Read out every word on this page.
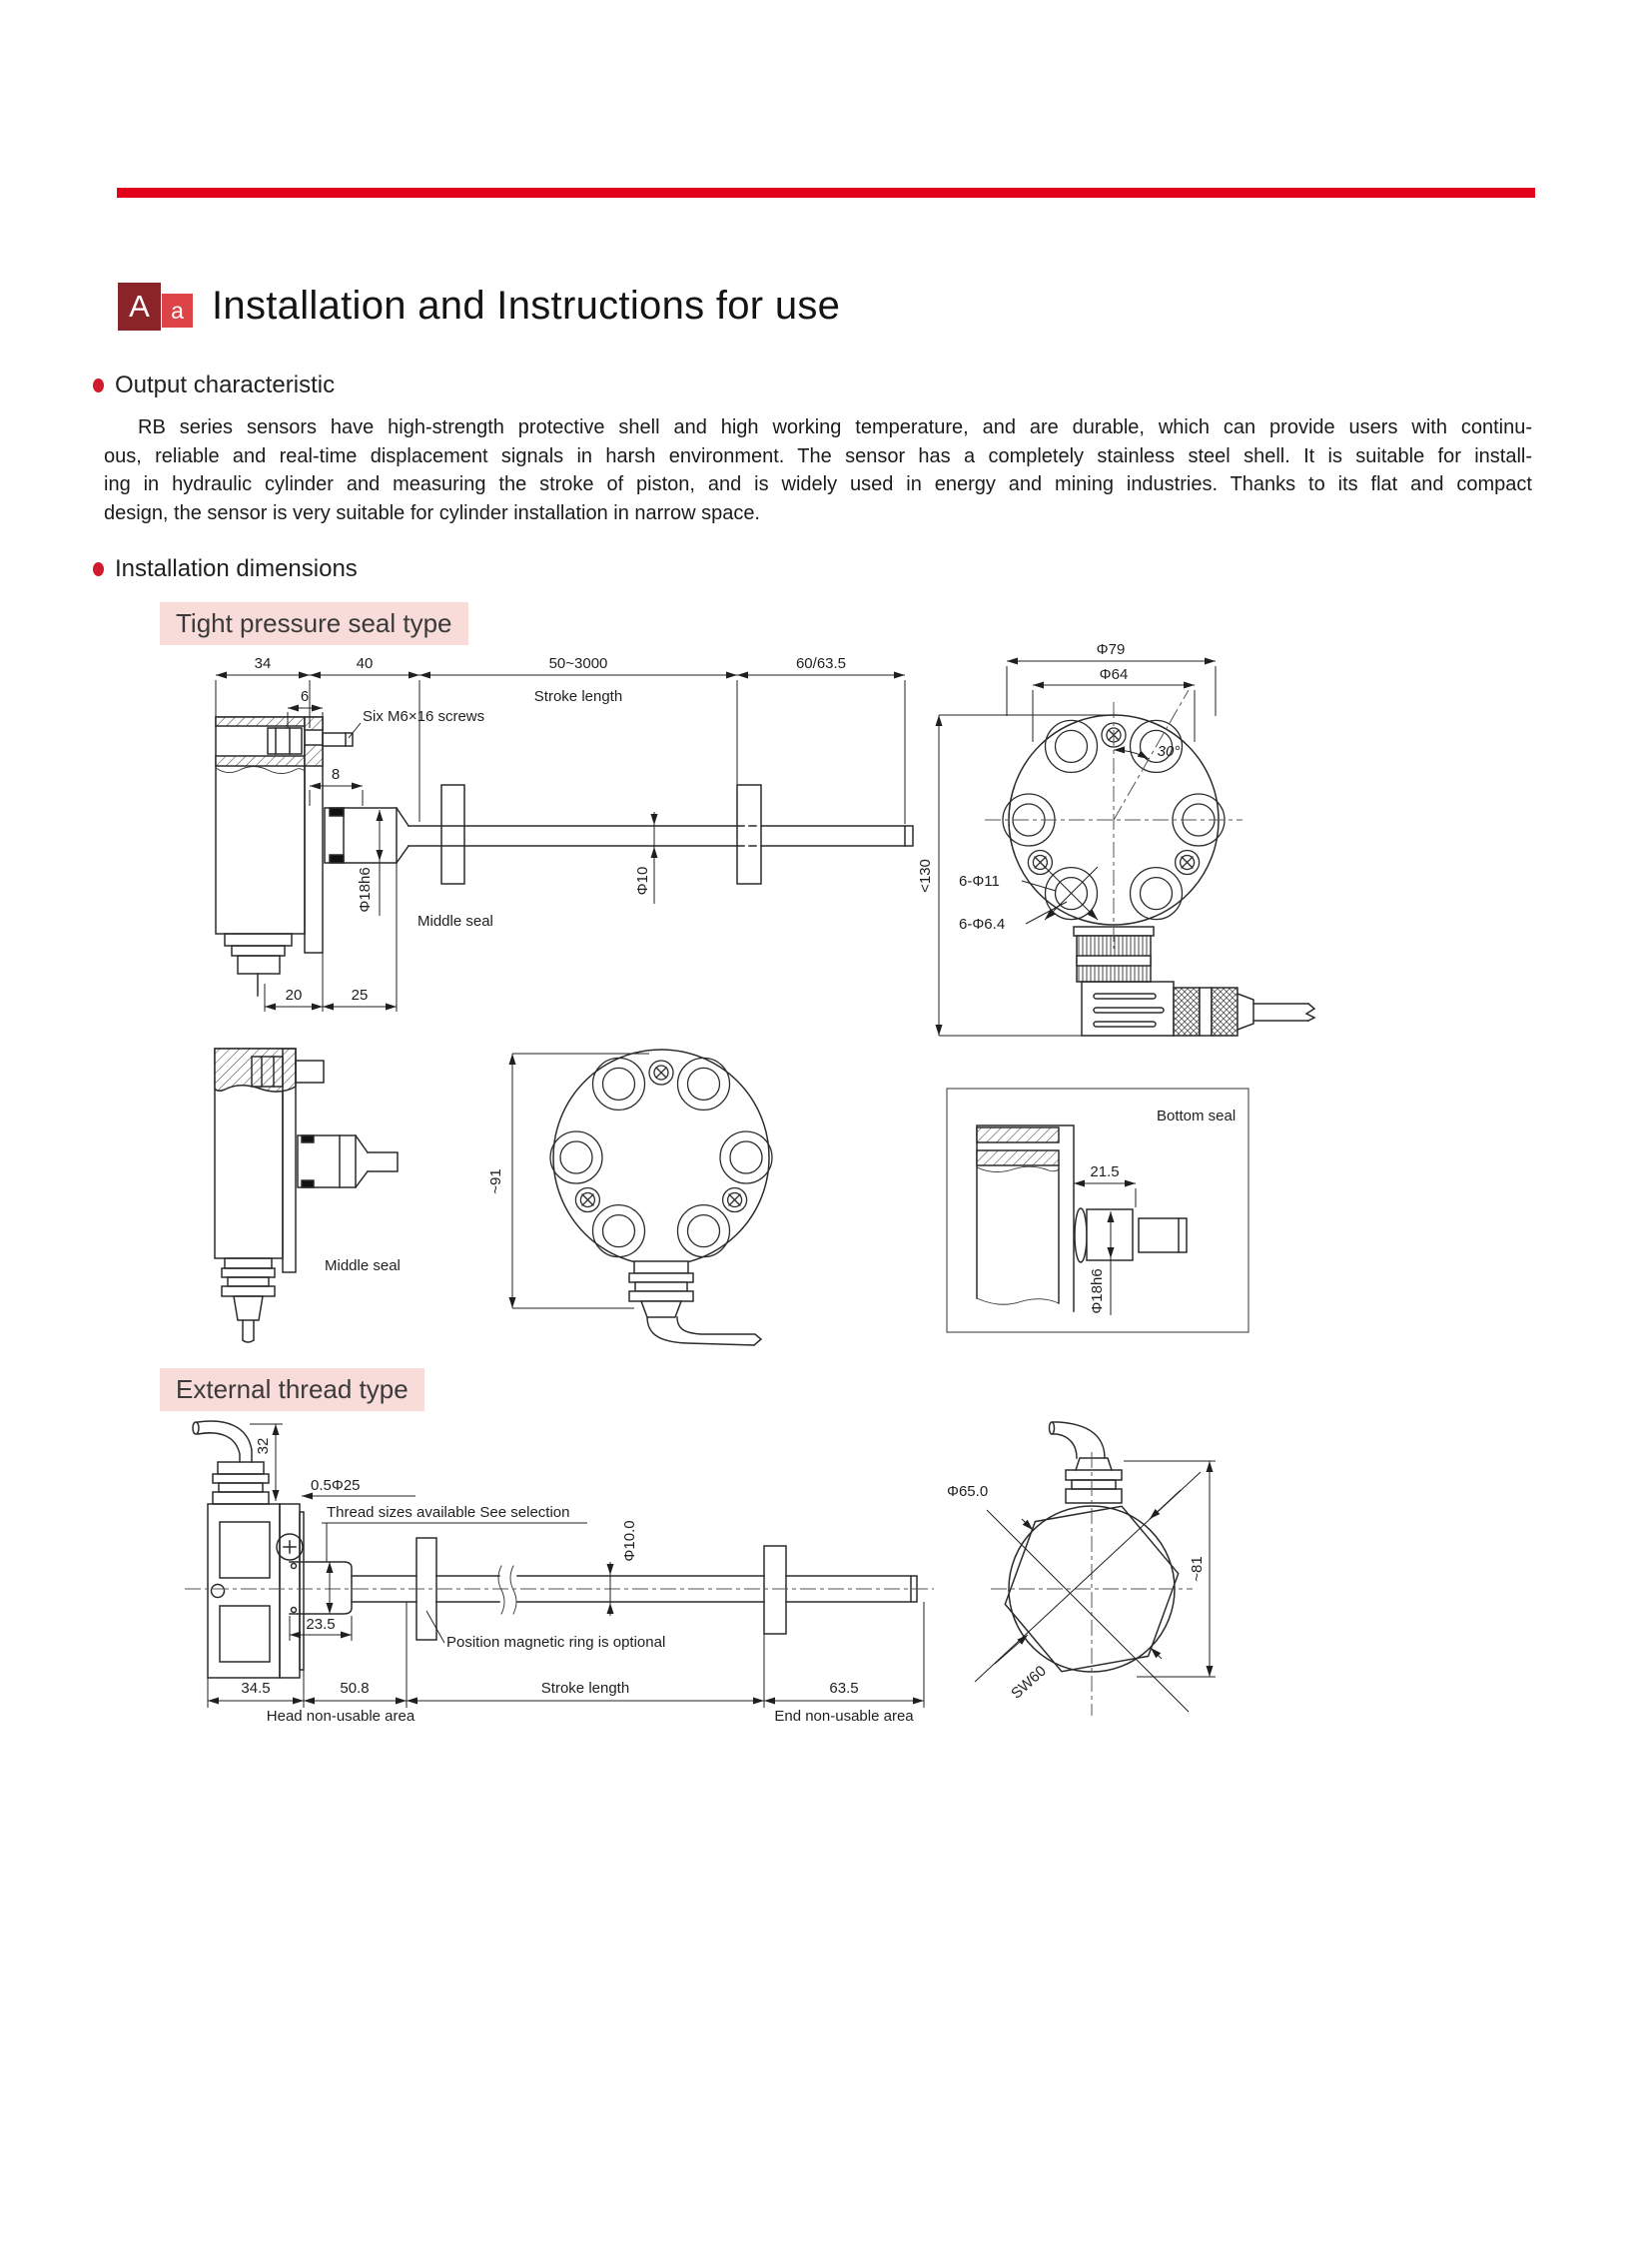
A a Installation and Instructions for use
Output characteristic
RB series sensors have high-strength protective shell and high working temperature, and are durable, which can provide users with continu-
ous, reliable and real-time displacement signals in harsh environment. The sensor has a completely stainless steel shell. It is suitable for install-
ing in hydraulic cylinder and measuring the stroke of piston, and is widely used in energy and mining industries. Thanks to its flat and compact
design, the sensor is very suitable for cylinder installation in narrow space.
Installation dimensions
Tight pressure seal type
34	40	50~3000
Stroke length
60/63.5
6
Six M6×16 screws
8
Φ18h6	Φ10
Middle seal
20	25
Φ79
Φ64
30°
<130 6-Φ11
6-Φ6.4
Middle seal
~91
Bottom seal
21.5
Φ18h6
External thread type
32
0.5Φ25
Thread sizes available See selection
Φ10.0
23.5
Position magnetic ring is optional
34.5	50.8	Stroke length	63.5
Head non-usable area	End non-usable area
Φ65.0
SW60
~81
